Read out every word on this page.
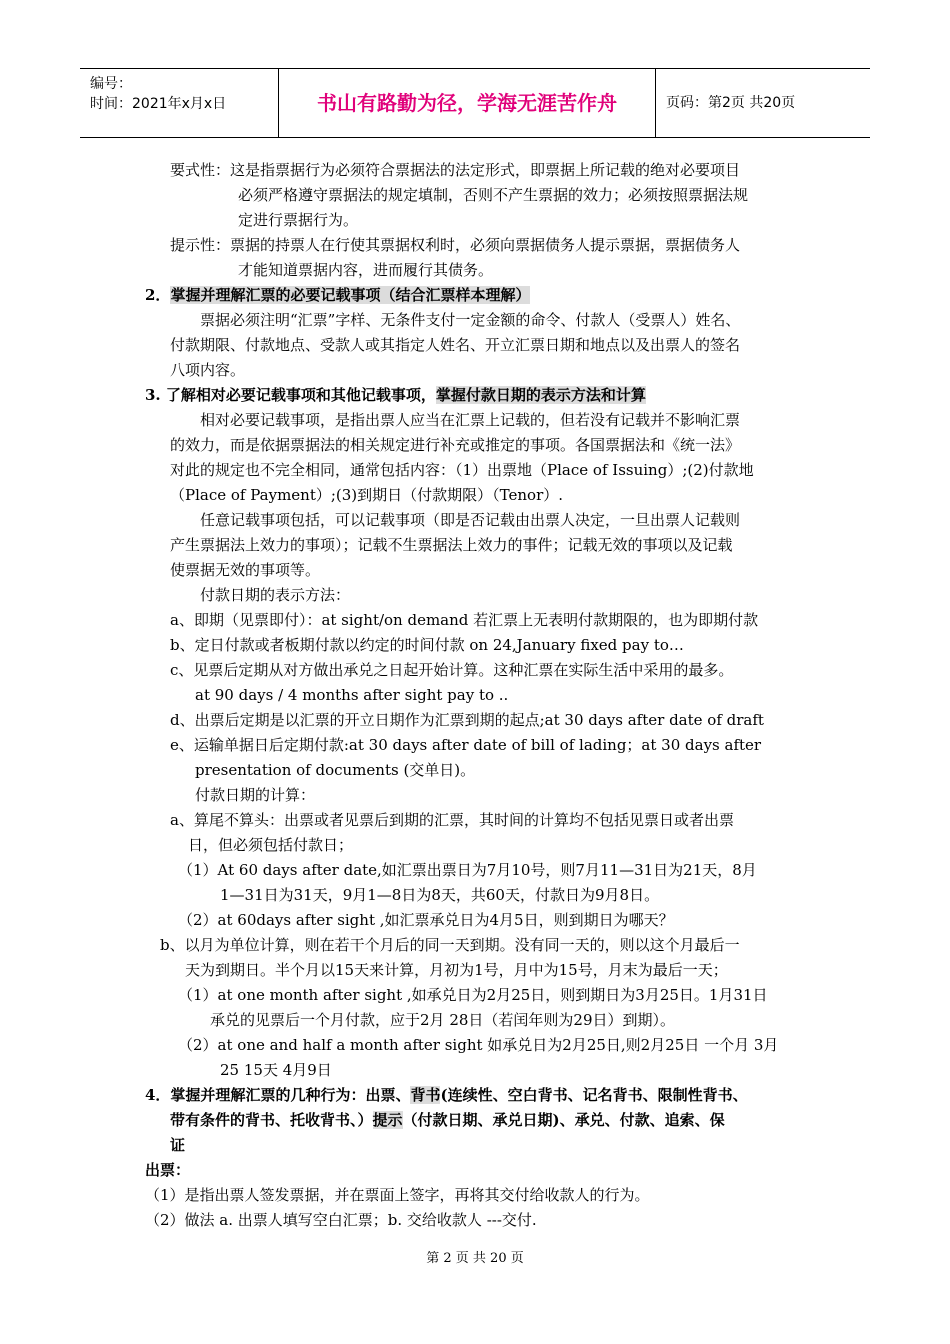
编号：
时间：2021年x月x日	书山有路勤为径，学海无涯苦作舟	页码：第2页 共20页
要式性：这是指票据行为必须符合票据法的法定形式，即票据上所记载的绝对必要项目
必须严格遵守票据法的规定填制，否则不产生票据的效力；必须按照票据法规
定进行票据行为。
提示性：票据的持票人在行使其票据权利时，必须向票据债务人提示票据，票据债务人
才能知道票据内容，进而履行其债务。
2．掌握并理解汇票的必要记载事项（结合汇票样本理解）
票据必须注明“汇票”字样、无条件支付一定金额的命令、付款人（受票人）姓名、
付款期限、付款地点、受款人或其指定人姓名、开立汇票日期和地点以及出票人的签名
八项内容。
3. 了解相对必要记载事项和其他记载事项，掌握付款日期的表示方法和计算
相对必要记载事项，是指出票人应当在汇票上记载的，但若没有记载并不影响汇票
的效力，而是依据票据法的相关规定进行补充或推定的事项。各国票据法和《统一法》
对此的规定也不完全相同，通常包括内容：（1）出票地（Place of Issuing）;(2)付款地
（Place of Payment）;(3)到期日（付款期限）（Tenor）.
任意记载事项包括，可以记载事项（即是否记载由出票人决定，一旦出票人记载则
产生票据法上效力的事项）；记载不生票据法上效力的事件；记载无效的事项以及记载
使票据无效的事项等。
付款日期的表示方法：
a、即期（见票即付）：at sight/on demand 若汇票上无表明付款期限的，也为即期付款
b、定日付款或者板期付款以约定的时间付款 on 24,January fixed pay to…
c、见票后定期从对方做出承兑之日起开始计算。这种汇票在实际生活中采用的最多。
at 90 days / 4 months after sight pay to ..
d、出票后定期是以汇票的开立日期作为汇票到期的起点;at 30 days after date of draft
e、运输单据日后定期付款:at 30 days after date of bill of lading；at 30 days after
presentation of documents (交单日)。
付款日期的计算：
a、算尾不算头：出票或者见票后到期的汇票，其时间的计算均不包括见票日或者出票
日，但必须包括付款日；
（1）At 60 days after date,如汇票出票日为7月10号，则7月11—31日为21天，8月
1—31日为31天，9月1—8日为8天，共60天，付款日为9月8日。
（2）at 60days after sight ,如汇票承兑日为4月5日，则到期日为哪天？
b、以月为单位计算，则在若干个月后的同一天到期。没有同一天的，则以这个月最后一
天为到期日。半个月以15天来计算，月初为1号，月中为15号，月末为最后一天；
（1）at one month after sight ,如承兑日为2月25日，则到期日为3月25日。1月31日
承兑的见票后一个月付款，应于2月 28日（若闰年则为29日）到期）。
（2）at one and half a month after sight 如承兑日为2月25日,则2月25日 一个月 3月
25 15天 4月9日
4．掌握并理解汇票的几种行为：出票、背书(连续性、空白背书、记名背书、限制性背书、
带有条件的背书、托收背书、）提示（付款日期、承兑日期)、承兑、付款、追索、保
证
出票：
（1）是指出票人签发票据，并在票面上签字，再将其交付给收款人的行为。
（2）做法 a. 出票人填写空白汇票；b. 交给收款人 ---交付.
第 2 页 共 20 页
